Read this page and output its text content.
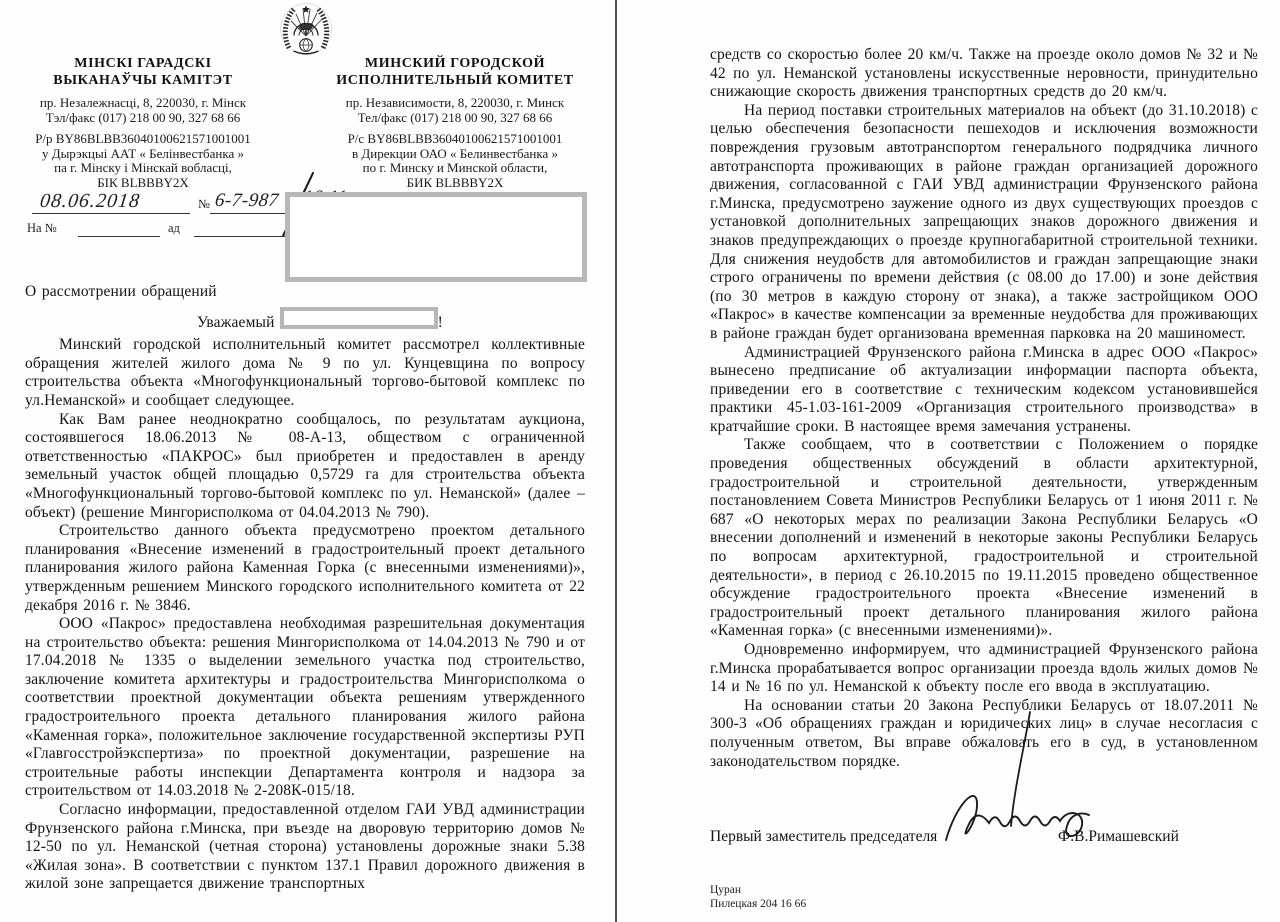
МІНСКІ ГАРАДСКІ
ВЫКАНАЎЧЫ КАМІТЭТ
пр. Незалежнасці, 8, 220030, г. Мінск
Тэл/факс (017) 218 00 90, 327 68 66
Р/р BY86BLBB36040100621571001001
у Дырэкцыі ААТ « Белінвестбанка »
па г. Мінску і Мінскай вобласці,
БІК BLBBBY2X
МИНСКИЙ ГОРОДСКОЙ
ИСПОЛНИТЕЛЬНЫЙ КОМИТЕТ
пр. Независимости, 8, 220030, г. Минск
Тел/факс (017) 218 00 90, 327 68 66
Р/с BY86BLBB36040100621571001001
в Дирекции ОАО « Белинвестбанка »
по г. Минску и Минской области,
БИК BLBBBY2X
08.06.2018	№ 6-7-987
На №	ад

О рассмотрении обращений

Уважаемый	!

Минский городской исполнительный комитет рассмотрел коллективные обращения жителей жилого дома № 9 по ул. Кунцевщина по вопросу строительства объекта «Многофункциональный торгово-бытовой комплекс по ул.Неманской» и сообщает следующее.

Как Вам ранее неоднократно сообщалось, по результатам аукциона, состоявшегося 18.06.2013 № 08-А-13, обществом с ограниченной ответственностью «ПАКРОС» был приобретен и предоставлен в аренду земельный участок общей площадью 0,5729 га для строительства объекта «Многофункциональный торгово-бытовой комплекс по ул. Неманской» (далее – объект) (решение Мингорисполкома от 04.04.2013 № 790).

Строительство данного объекта предусмотрено проектом детального планирования «Внесение изменений в градостроительный проект детального планирования жилого района Каменная Горка (с внесенными изменениями)», утвержденным решением Минского городского исполнительного комитета от 22 декабря 2016 г. № 3846.

ООО «Пакрос» предоставлена необходимая разрешительная документация на строительство объекта: решения Мингорисполкома от 14.04.2013 № 790 и от 17.04.2018 № 1335 о выделении земельного участка под строительство, заключение комитета архитектуры и градостроительства Мингорисполкома о соответствии проектной документации объекта решениям утвержденного градостроительного проекта детального планирования жилого района «Каменная горка», положительное заключение государственной экспертизы РУП «Главгосстройэкспертиза» по проектной документации, разрешение на строительные работы инспекции Департамента контроля и надзора за строительством от 14.03.2018 № 2-208К-015/18.

Согласно информации, предоставленной отделом ГАИ УВД администрации Фрунзенского района г.Минска, при въезде на дворовую территорию домов № 12-50 по ул. Неманской (четная сторона) установлены дорожные знаки 5.38 «Жилая зона». В соответствии с пунктом 137.1 Правил дорожного движения в жилой зоне запрещается движение транспортных

средств со скоростью более 20 км/ч. Также на проезде около домов № 32 и № 42 по ул. Неманской установлены искусственные неровности, принудительно снижающие скорость движения транспортных средств до 20 км/ч.

На период поставки строительных материалов на объект (до 31.10.2018) с целью обеспечения безопасности пешеходов и исключения возможности повреждения грузовым автотранспортом генерального подрядчика личного автотранспорта проживающих в районе граждан организацией дорожного движения, согласованной с ГАИ УВД администрации Фрунзенского района г.Минска, предусмотрено заужение одного из двух существующих проездов с установкой дополнительных запрещающих знаков дорожного движения и знаков предупреждающих о проезде крупногабаритной строительной техники. Для снижения неудобств для автомобилистов и граждан запрещающие знаки строго ограничены по времени действия (с 08.00 до 17.00) и зоне действия (по 30 метров в каждую сторону от знака), а также застройщиком ООО «Пакрос» в качестве компенсации за временные неудобства для проживающих в районе граждан будет организована временная парковка на 20 машиномест.

Администрацией Фрунзенского района г.Минска в адрес ООО «Пакрос» вынесено предписание об актуализации информации паспорта объекта, приведении его в соответствие с техническим кодексом установившейся практики 45-1.03-161-2009 «Организация строительного производства» в кратчайшие сроки. В настоящее время замечания устранены.

Также сообщаем, что в соответствии с Положением о порядке проведения общественных обсуждений в области архитектурной, градостроительной и строительной деятельности, утвержденным постановлением Совета Министров Республики Беларусь от 1 июня 2011 г. № 687 «О некоторых мерах по реализации Закона Республики Беларусь «О внесении дополнений и изменений в некоторые законы Республики Беларусь по вопросам архитектурной, градостроительной и строительной деятельности», в период с 26.10.2015 по 19.11.2015 проведено общественное обсуждение градостроительного проекта «Внесение изменений в градостроительный проект детального планирования жилого района «Каменная горка» (с внесенными изменениями)».

Одновременно информируем, что администрацией Фрунзенского района г.Минска прорабатывается вопрос организации проезда вдоль жилых домов № 14 и № 16 по ул. Неманской к объекту после его ввода в эксплуатацию.

На основании статьи 20 Закона Республики Беларусь от 18.07.2011 № 300-3 «Об обращениях граждан и юридических лиц» в случае несогласия с полученным ответом, Вы вправе обжаловать его в суд, в установленном законодательством порядке.

Первый заместитель председателя	Ф.В.Римашевский
Цуран
Пилецкая 204 16 66
